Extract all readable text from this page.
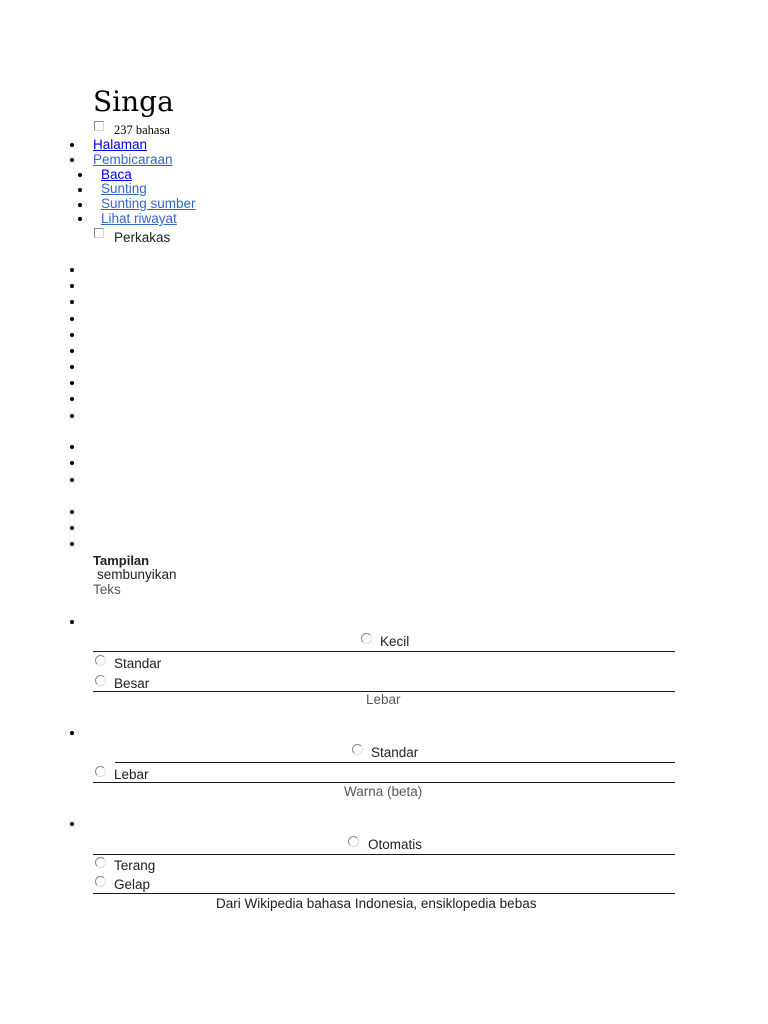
Singa
237 bahasa
Halaman
Pembicaraan
Baca
Sunting
Sunting sumber
Lihat riwayat
Perkakas
Tampilan
sembunyikan
Teks
Kecil
Standar
Besar
Lebar
Standar
Lebar
Warna (beta)
Otomatis
Terang
Gelap
Dari Wikipedia bahasa Indonesia, ensiklopedia bebas
